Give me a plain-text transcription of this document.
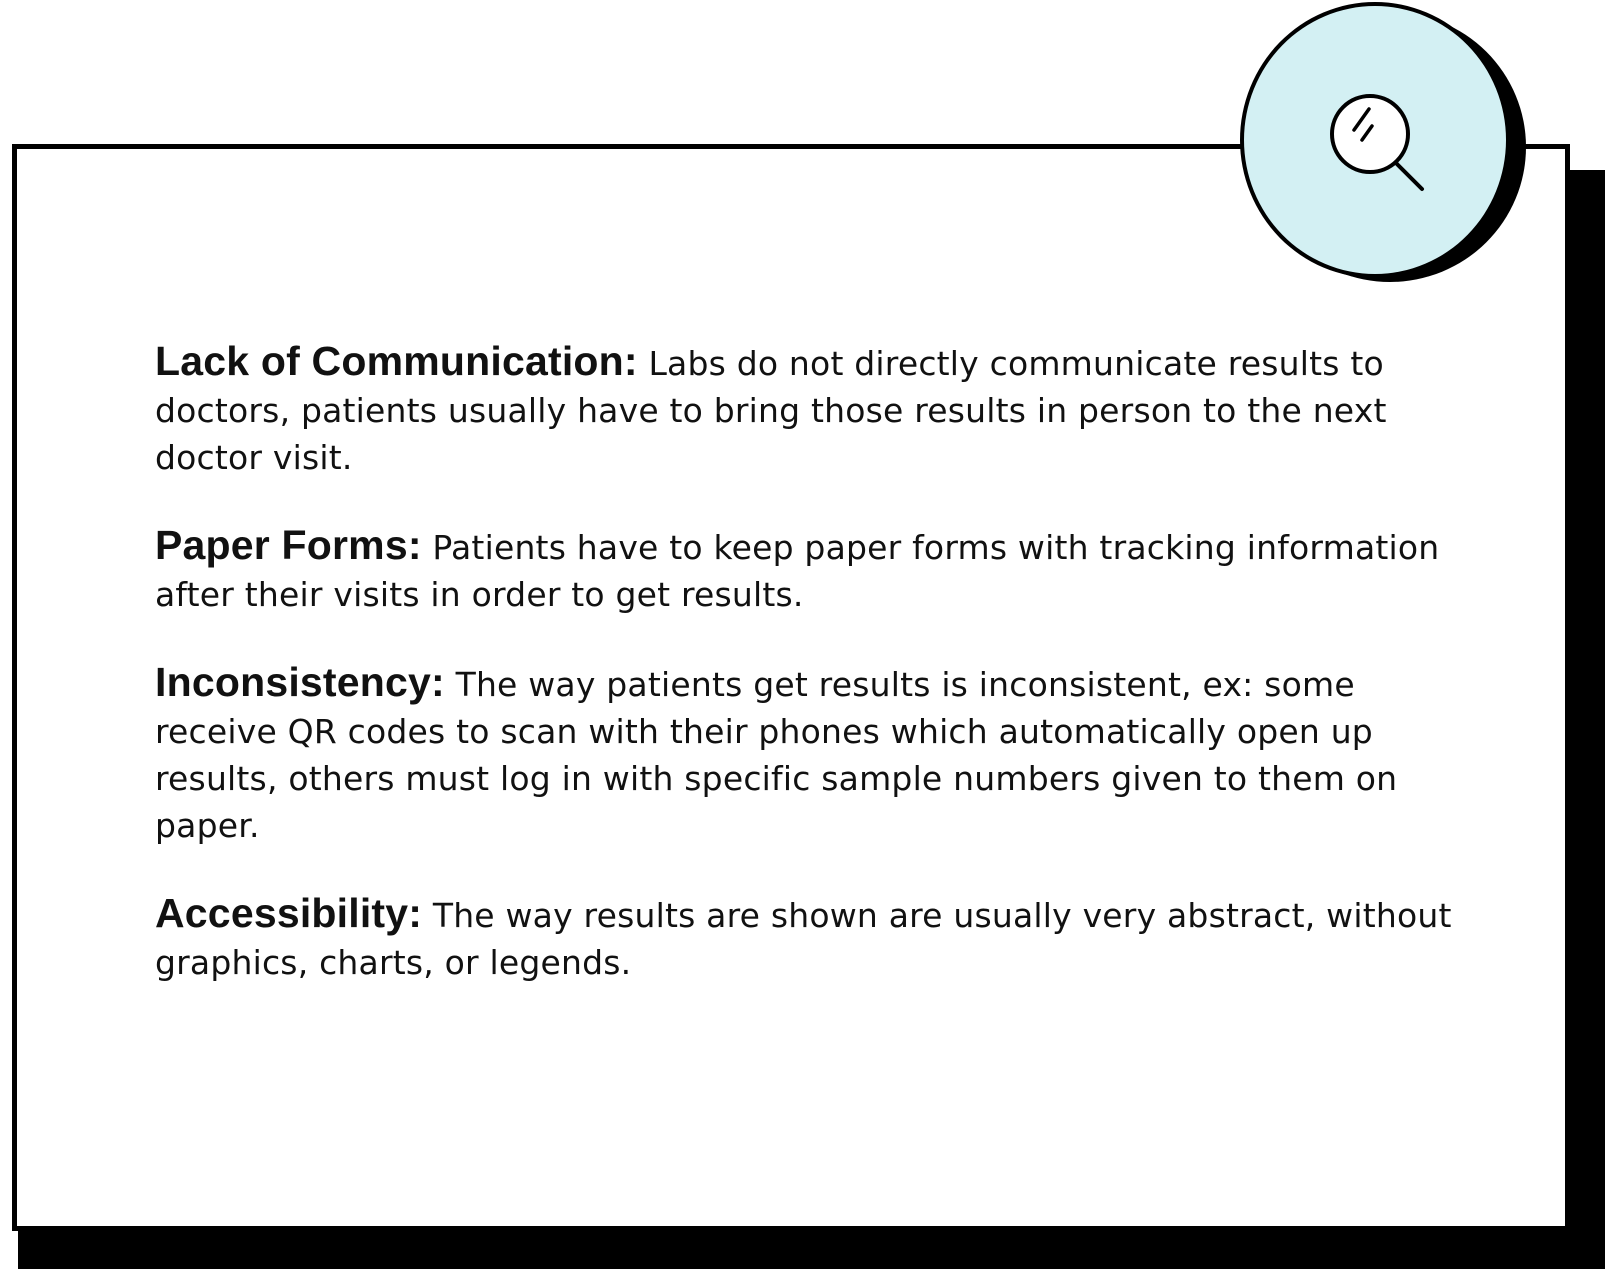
Lack of Communication: Labs do not directly communicate results to doctors, patients usually have to bring those results in person to the next doctor visit.

Paper Forms: Patients have to keep paper forms with tracking information after their visits in order to get results.

Inconsistency: The way patients get results is inconsistent, ex: some receive QR codes to scan with their phones which automatically open up results, others must log in with specific sample numbers given to them on paper.

Accessibility: The way results are shown are usually very abstract, without graphics, charts, or legends.
